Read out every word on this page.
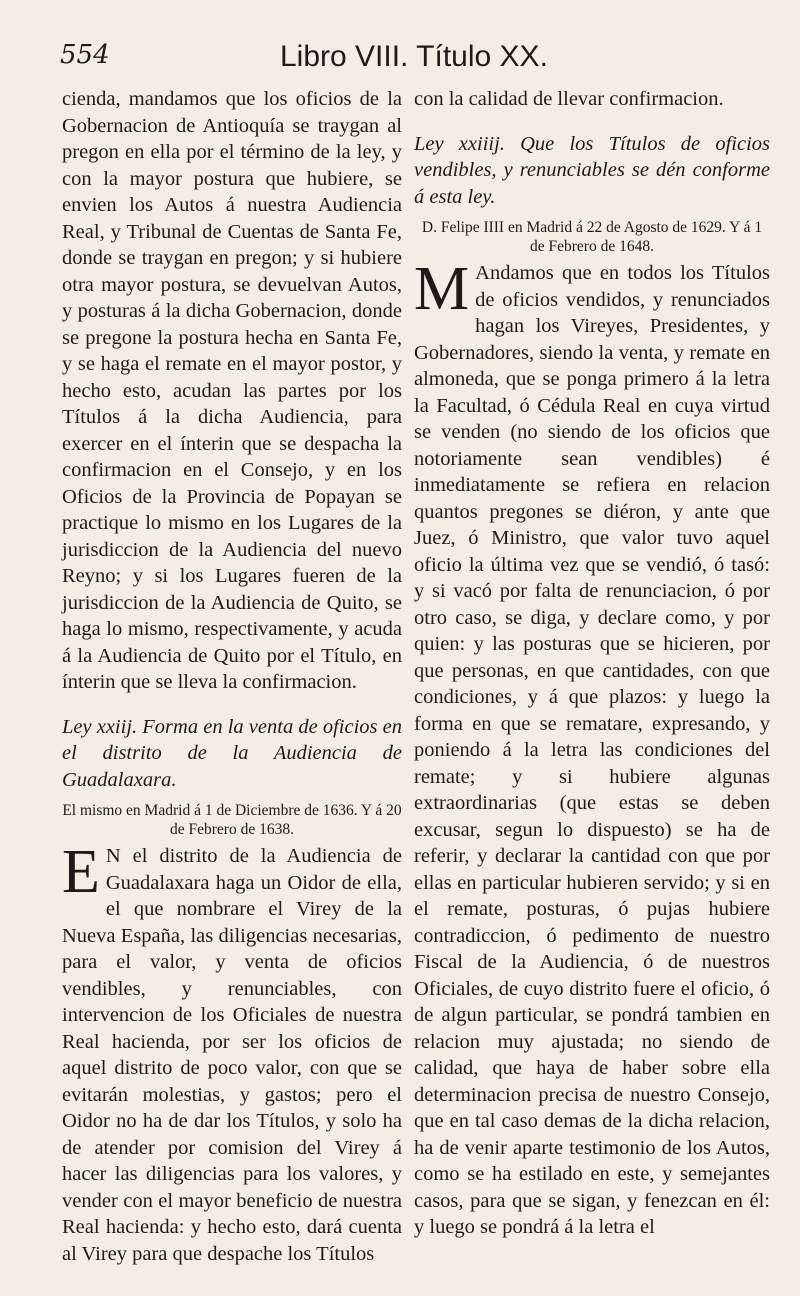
554	Libro VIII. Título XX.

cienda, mandamos que los oficios de la Gobernacion de Antioquía se traygan al pregon en ella por el término de la ley, y con la mayor postura que hubiere, se envien los Autos á nuestra Audiencia Real, y Tribunal de Cuentas de Santa Fe, donde se traygan en pregon; y si hubiere otra mayor postura, se devuelvan Autos, y posturas á la dicha Gobernacion, donde se pregone la postura hecha en Santa Fe, y se haga el remate en el mayor postor, y hecho esto, acudan las partes por los Títulos á la dicha Audiencia, para exercer en el ínterin que se despacha la confirmacion en el Consejo, y en los Oficios de la Provincia de Popayan se practique lo mismo en los Lugares de la jurisdiccion de la Audiencia del nuevo Reyno; y si los Lugares fueren de la jurisdiccion de la Audiencia de Quito, se haga lo mismo, respectivamente, y acuda á la Audiencia de Quito por el Título, en ínterin que se lleva la confirmacion.

Ley xxiij. Forma en la venta de oficios en el distrito de la Audiencia de Guadalaxara.

El mismo en Madrid á 1 de Diciembre de 1636. Y á 20 de Febrero de 1638.

E N el distrito de la Audiencia de Guadalaxara haga un Oidor de ella, el que nombrare el Virey de la Nueva España, las diligencias necesarias, para el valor, y venta de oficios vendibles, y renunciables, con intervencion de los Oficiales de nuestra Real hacienda, por ser los oficios de aquel distrito de poco valor, con que se evitarán molestias, y gastos; pero el Oidor no ha de dar los Títulos, y solo ha de atender por comision del Virey á hacer las diligencias para los valores, y vender con el mayor beneficio de nuestra Real hacienda: y hecho esto, dará cuenta al Virey para que despache los Títulos

con la calidad de llevar confirmacion.

Ley xxiiij. Que los Títulos de oficios vendibles, y renunciables se dén conforme á esta ley.

D. Felipe IIII en Madrid á 22 de Agosto de 1629. Y á 1 de Febrero de 1648.

M Andamos que en todos los Títulos de oficios vendidos, y renunciados hagan los Vireyes, Presidentes, y Gobernadores, siendo la venta, y remate en almoneda, que se ponga primero á la letra la Facultad, ó Cédula Real en cuya virtud se venden (no siendo de los oficios que notoriamente sean vendibles) é inmediatamente se refiera en relacion quantos pregones se diéron, y ante que Juez, ó Ministro, que valor tuvo aquel oficio la última vez que se vendió, ó tasó: y si vacó por falta de renunciacion, ó por otro caso, se diga, y declare como, y por quien: y las posturas que se hicieren, por que personas, en que cantidades, con que condiciones, y á que plazos: y luego la forma en que se rematare, expresando, y poniendo á la letra las condiciones del remate; y si hubiere algunas extraordinarias (que estas se deben excusar, segun lo dispuesto) se ha de referir, y declarar la cantidad con que por ellas en particular hubieren servido; y si en el remate, posturas, ó pujas hubiere contradiccion, ó pedimento de nuestro Fiscal de la Audiencia, ó de nuestros Oficiales, de cuyo distrito fuere el oficio, ó de algun particular, se pondrá tambien en relacion muy ajustada; no siendo de calidad, que haya de haber sobre ella determinacion precisa de nuestro Consejo, que en tal caso demas de la dicha relacion, ha de venir aparte testimonio de los Autos, como se ha estilado en este, y semejantes casos, para que se sigan, y fenezcan en él: y luego se pondrá á la letra el
